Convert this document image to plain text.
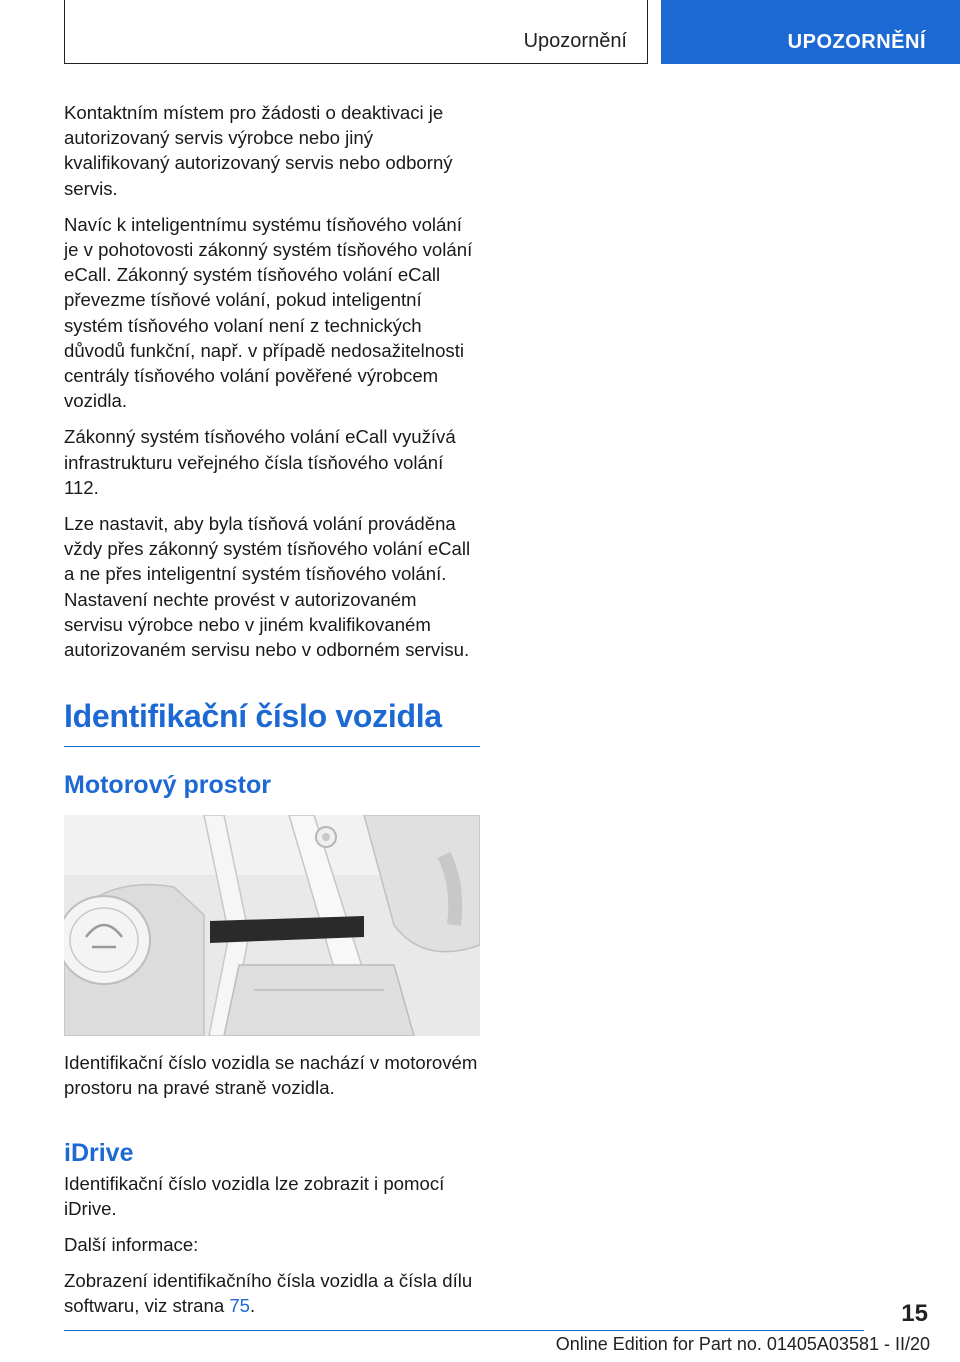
Upozornění	UPOZORNĚNÍ

Kontaktním místem pro žádosti o deaktivaci je autorizovaný servis výrobce nebo jiný kvalifikovaný autorizovaný servis nebo odborný servis.

Navíc k inteligentnímu systému tísňového volání je v pohotovosti zákonný systém tísňového volání eCall. Zákonný systém tísňového volání eCall převezme tísňové volání, pokud inteligentní systém tísňového volaní není z technických důvodů funkční, např. v případě nedosažitelnosti centrály tísňového volání pověřené výrobcem vozidla.

Zákonný systém tísňového volání eCall využívá infrastrukturu veřejného čísla tísňového volání 112.

Lze nastavit, aby byla tísňová volání prováděna vždy přes zákonný systém tísňového volání eCall a ne přes inteligentní systém tísňového volání. Nastavení nechte provést v autorizovaném servisu výrobce nebo v jiném kvalifikovaném autorizovaném servisu nebo v odborném servisu.

Identifikační číslo vozidla
Motorový prostor

Identifikační číslo vozidla se nachází v motorovém prostoru na pravé straně vozidla.

iDrive

Identifikační číslo vozidla lze zobrazit i pomocí iDrive.

Další informace:

Zobrazení identifikačního čísla vozidla a čísla dílu softwaru, viz strana 75.	15
Online Edition for Part no. 01405A03581 - II/20
